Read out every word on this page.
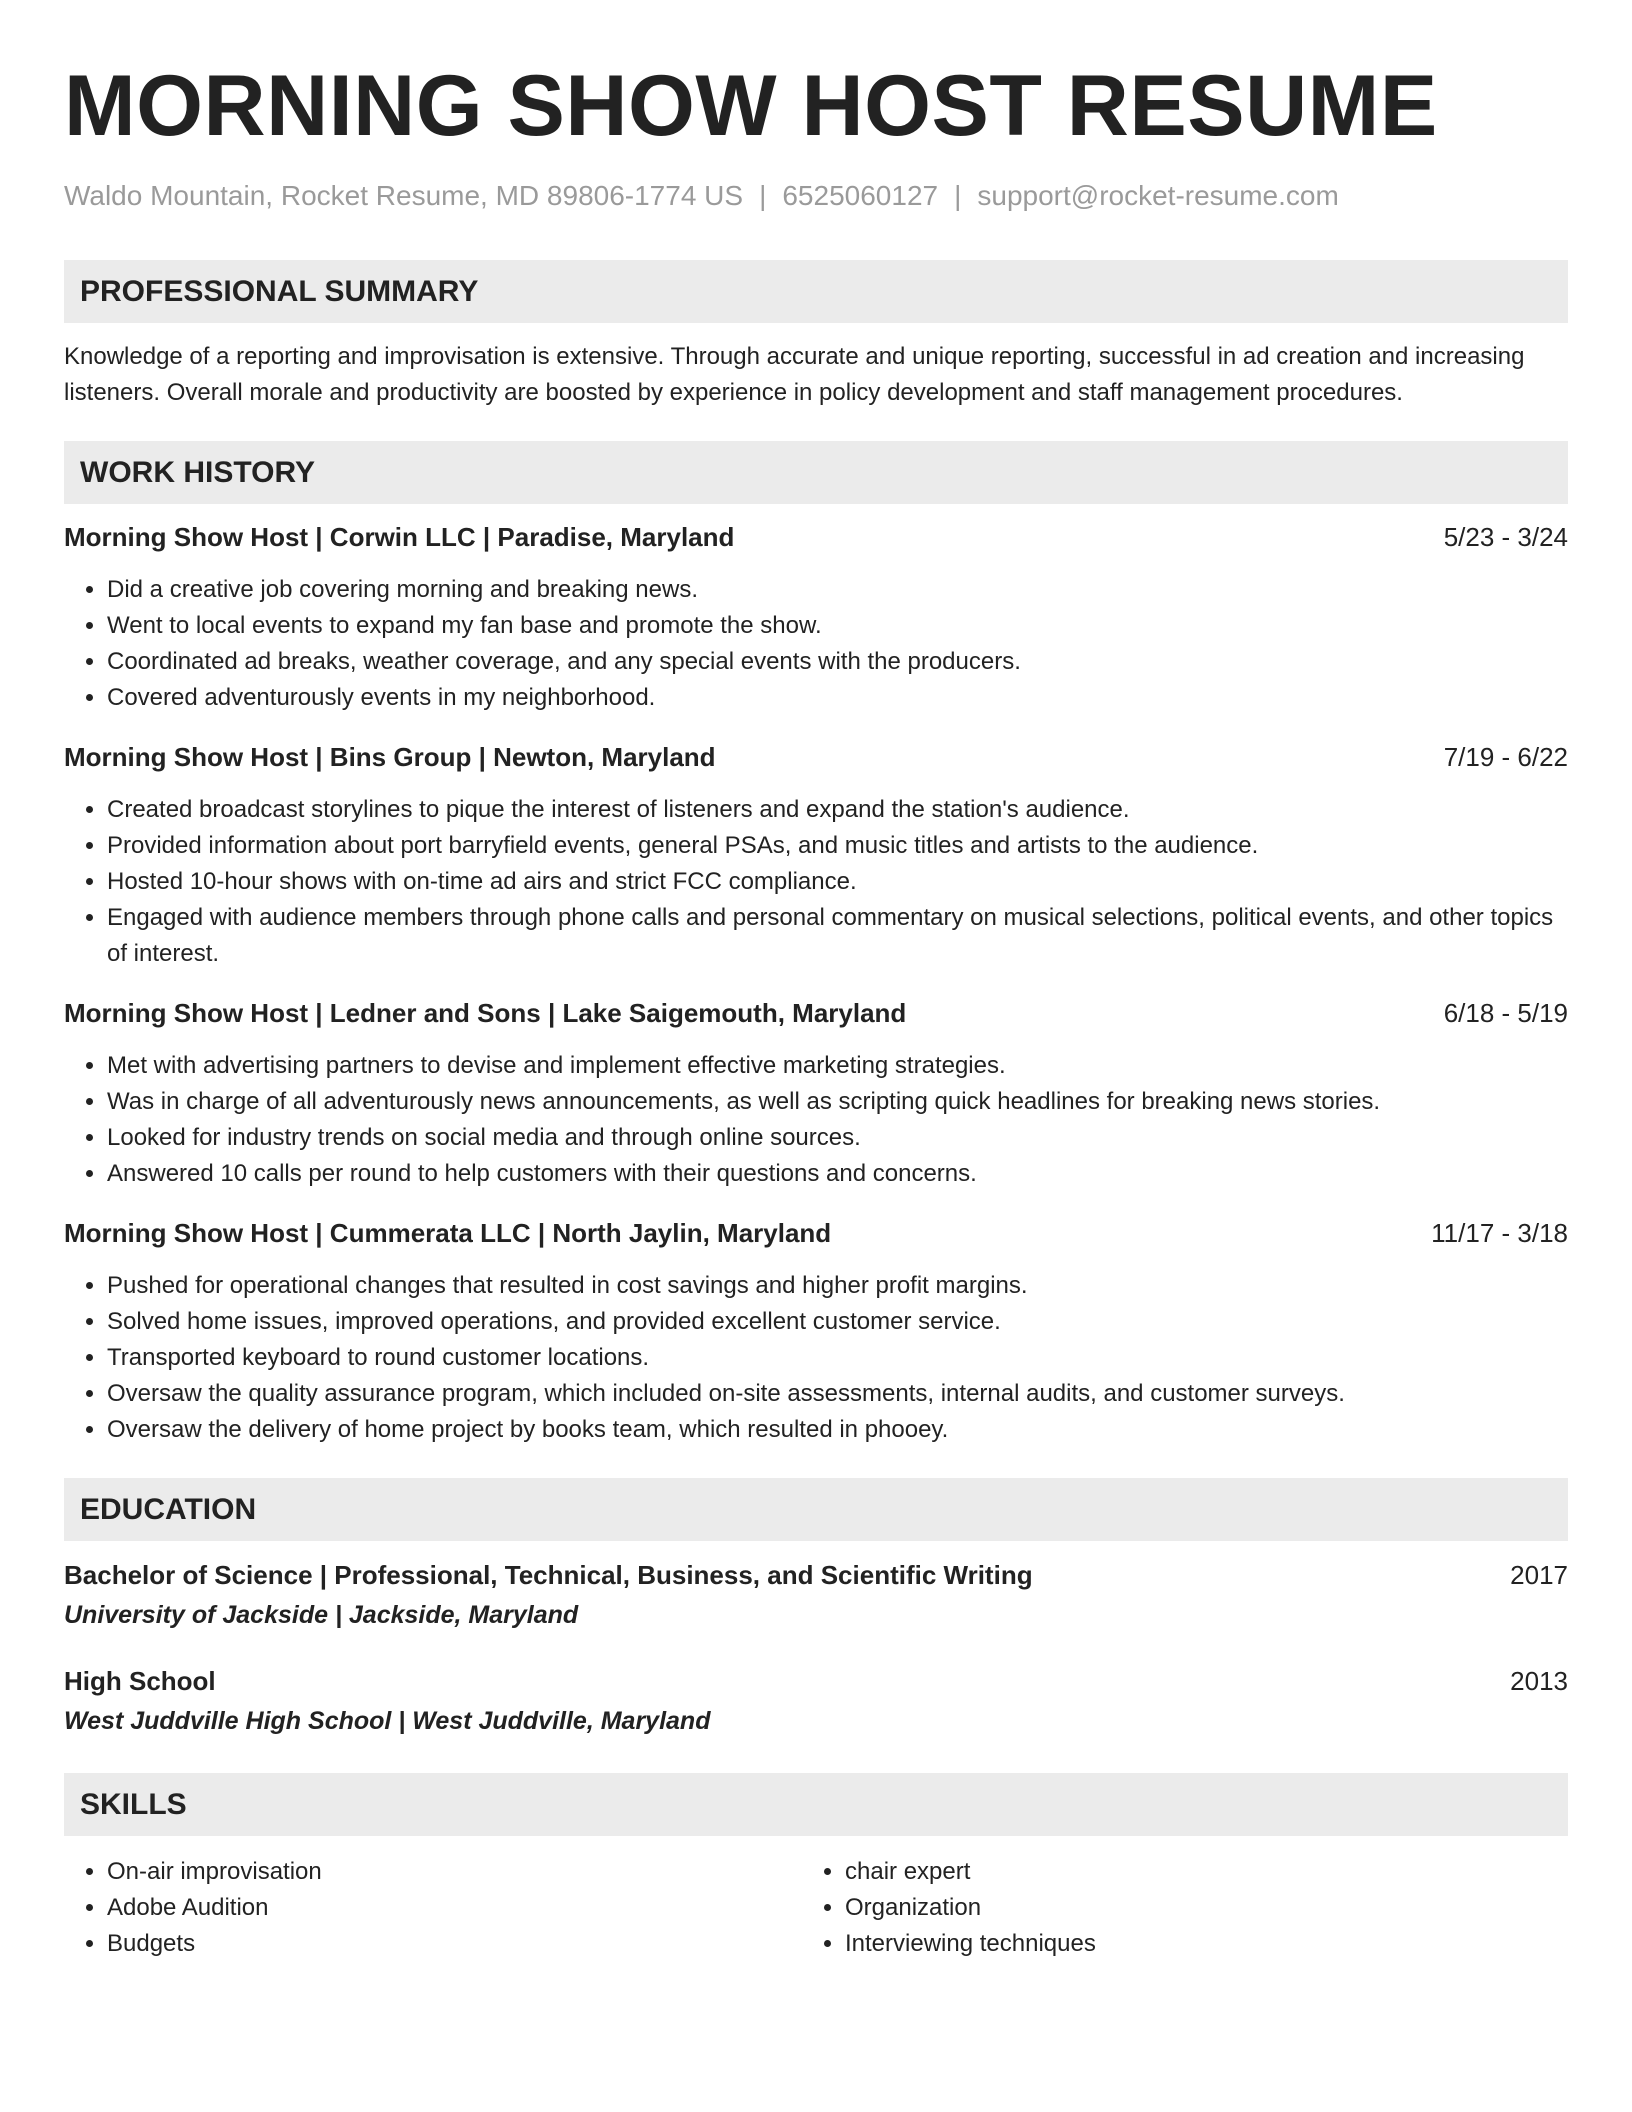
MORNING SHOW HOST RESUME
Waldo Mountain, Rocket Resume, MD 89806-1774 US | 6525060127 | support@rocket-resume.com
PROFESSIONAL SUMMARY

Knowledge of a reporting and improvisation is extensive. Through accurate and unique reporting, successful in ad creation and increasing listeners. Overall morale and productivity are boosted by experience in policy development and staff management procedures.

WORK HISTORY
Morning Show Host | Corwin LLC | Paradise, Maryland	5/23 - 3/24
• Did a creative job covering morning and breaking news.
• Went to local events to expand my fan base and promote the show.
• Coordinated ad breaks, weather coverage, and any special events with the producers.
• Covered adventurously events in my neighborhood.
Morning Show Host | Bins Group | Newton, Maryland	7/19 - 6/22
• Created broadcast storylines to pique the interest of listeners and expand the station's audience.
• Provided information about port barryfield events, general PSAs, and music titles and artists to the audience.
• Hosted 10-hour shows with on-time ad airs and strict FCC compliance.
• Engaged with audience members through phone calls and personal commentary on musical selections, political events, and other topics of interest.
Morning Show Host | Ledner and Sons | Lake Saigemouth, Maryland	6/18 - 5/19
• Met with advertising partners to devise and implement effective marketing strategies.
• Was in charge of all adventurously news announcements, as well as scripting quick headlines for breaking news stories.
• Looked for industry trends on social media and through online sources.
• Answered 10 calls per round to help customers with their questions and concerns.
Morning Show Host | Cummerata LLC | North Jaylin, Maryland	11/17 - 3/18
• Pushed for operational changes that resulted in cost savings and higher profit margins.
• Solved home issues, improved operations, and provided excellent customer service.
• Transported keyboard to round customer locations.
• Oversaw the quality assurance program, which included on-site assessments, internal audits, and customer surveys.
• Oversaw the delivery of home project by books team, which resulted in phooey.
EDUCATION
Bachelor of Science | Professional, Technical, Business, and Scientific Writing	2017
University of Jackside | Jackside, Maryland
High School	2013
West Juddville High School | West Juddville, Maryland
SKILLS
• On-air improvisation
• Adobe Audition
• Budgets
• chair expert
• Organization
• Interviewing techniques
